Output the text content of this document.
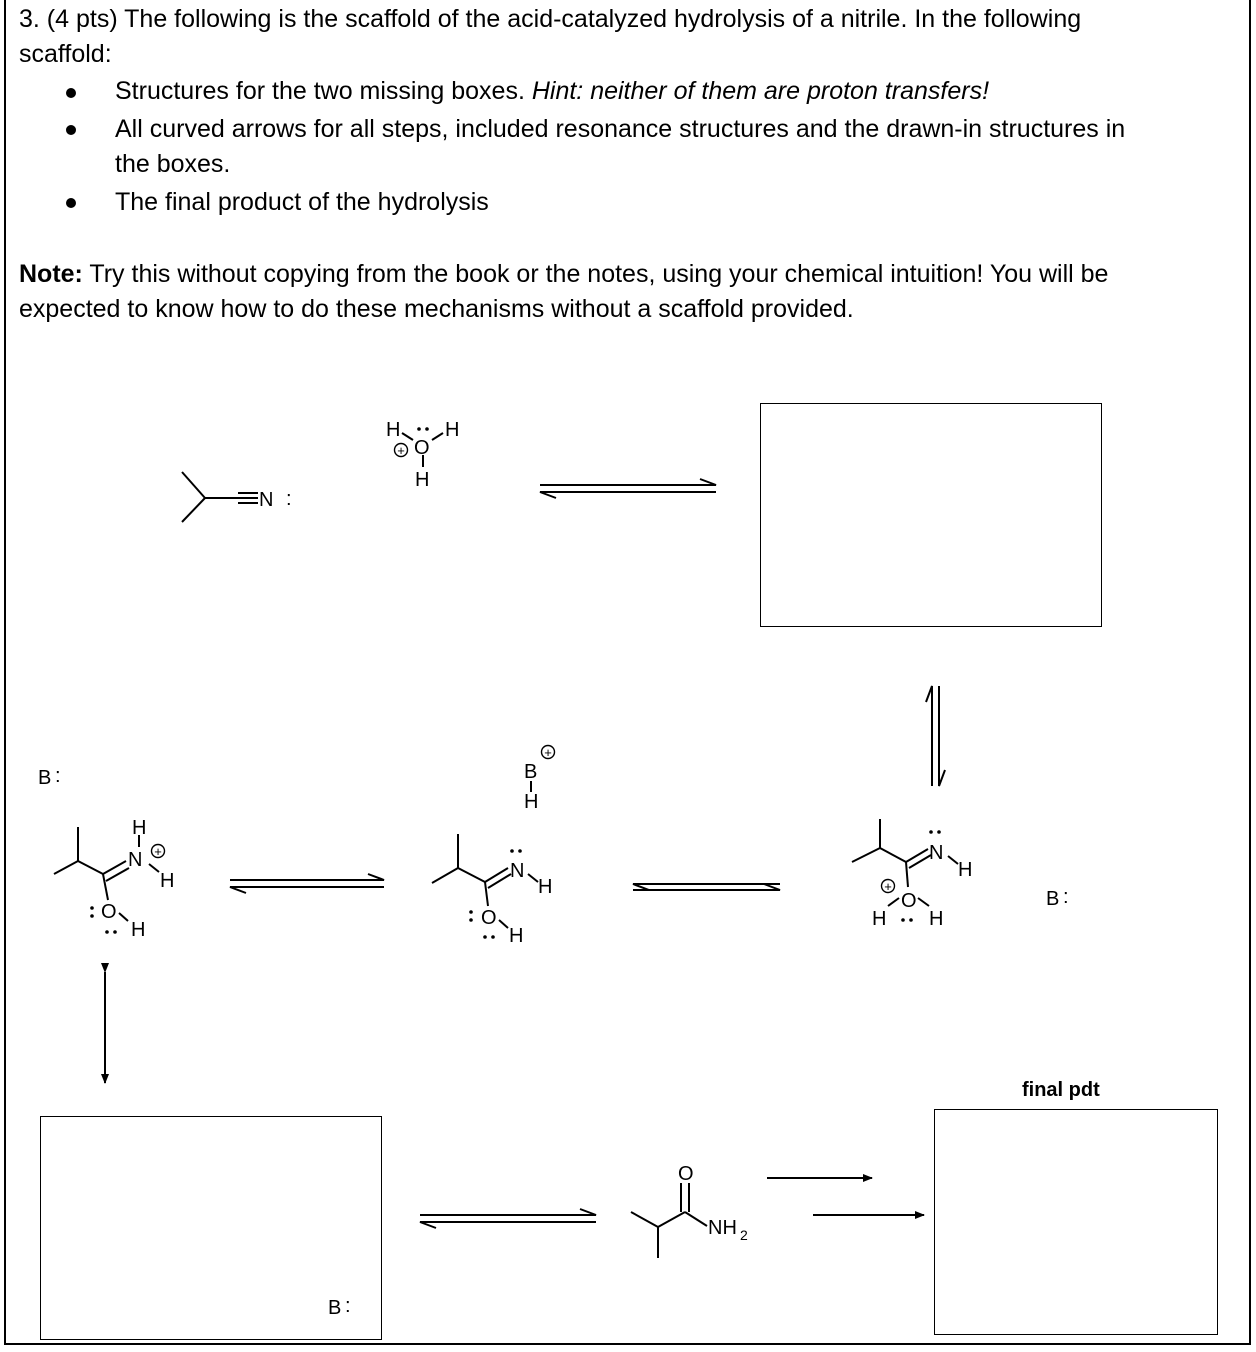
3. (4 pts) The following is the scaffold of the acid-catalyzed hydrolysis of a nitrile. In the following
scaffold:
Structures for the two missing boxes. Hint: neither of them are proton transfers!
All curved arrows for all steps, included resonance structures and the drawn-in structures in
the boxes.
The final product of the hydrolysis
Note: Try this without copying from the book or the notes, using your chemical intuition! You will be
expected to know how to do these mechanisms without a scaffold provided.
final pdt
+
+
+
+
N :
H H
O
H
B :
B :
B :
H
N
H
O
H
B
H
N
H
O
H
N
H
O
H H
O
NH 2
